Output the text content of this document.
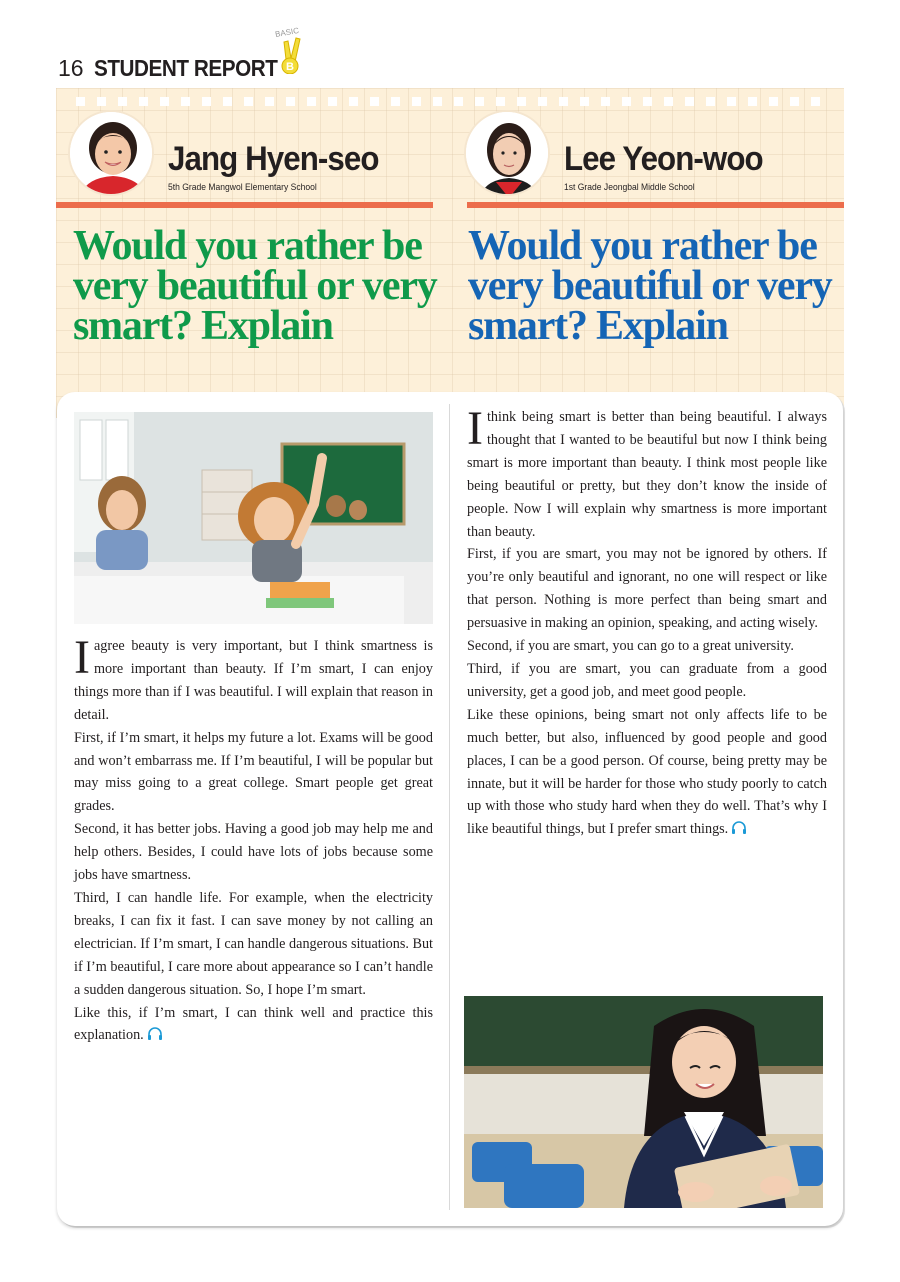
16 STUDENT REPORT
BASIC
B
Jang Hyen-seo
5th Grade Mangwol Elementary School
Lee Yeon-woo
1st Grade Jeongbal Middle School
Would you rather be very beautiful or very smart? Explain
Would you rather be very beautiful or very smart? Explain

I agree beauty is very important, but I think smartness is more important than beauty. If I’m smart, I can enjoy things more than if I was beautiful. I will explain that reason in detail.

First, if I’m smart, it helps my future a lot. Exams will be good and won’t embarrass me. If I’m beautiful, I will be popular but may miss going to a great college. Smart people get great grades.

Second, it has better jobs. Having a good job may help me and help others. Besides, I could have lots of jobs because some jobs have smartness.

Third, I can handle life. For example, when the electricity breaks, I can fix it fast. I can save money by not calling an electrician. If I’m smart, I can handle dangerous situations. But if I’m beautiful, I care more about appearance so I can’t handle a sudden dangerous situation. So, I hope I’m smart.

Like this, if I’m smart, I can think well and practice this explanation.

I think being smart is better than being beautiful. I always thought that I wanted to be beautiful but now I think being smart is more important than beauty. I think most people like being beautiful or pretty, but they don’t know the inside of people. Now I will explain why smartness is more important than beauty.

First, if you are smart, you may not be ignored by others. If you’re only beautiful and ignorant, no one will respect or like that person. Nothing is more perfect than being smart and persuasive in making an opinion, speaking, and acting wisely.

Second, if you are smart, you can go to a great university.

Third, if you are smart, you can graduate from a good university, get a good job, and meet good people.

Like these opinions, being smart not only affects life to be much better, but also, influenced by good people and good places, I can be a good person. Of course, being pretty may be innate, but it will be harder for those who study poorly to catch up with those who study hard when they do well. That’s why I like beautiful things, but I prefer smart things.
